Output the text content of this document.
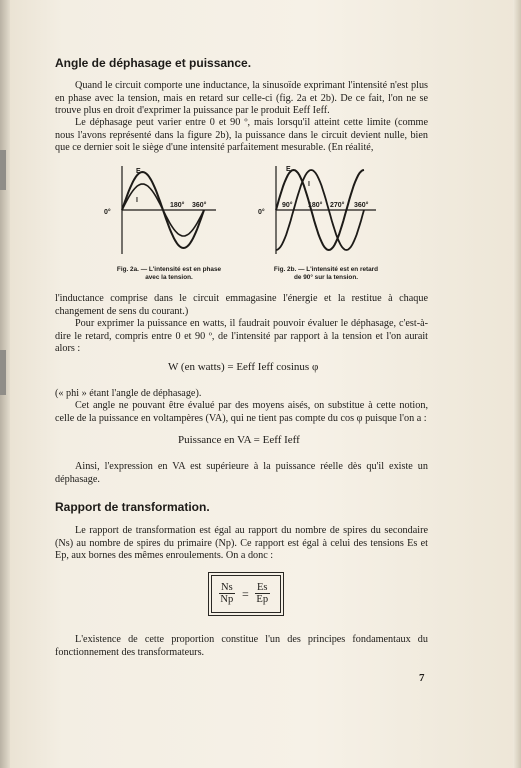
Angle de déphasage et puissance.
Quand le circuit comporte une inductance, la sinusoïde exprimant l'intensité n'est plus en phase avec la tension, mais en retard sur celle-ci (fig. 2a et 2b). De ce fait, l'on ne se trouve plus en droit d'exprimer la puissance par le produit Eeff Ieff.
Le déphasage peut varier entre 0 et 90 º, mais lorsqu'il atteint cette limite (comme nous l'avons représenté dans la figure 2b), la puissance dans le circuit devient nulle, bien que ce dernier soit le siège d'une intensité parfaitement mesurable. (En réalité,
E
I
0°
180° 360°
E
I
0°
90° 180° 270° 360°
Fig. 2a. — L'intensité est en phase
avec la tension.
Fig. 2b. — L'intensité est en retard
de 90° sur la tension.
l'inductance comprise dans le circuit emmagasine l'énergie et la restitue à chaque changement de sens du courant.)
Pour exprimer la puissance en watts, il faudrait pouvoir évaluer le déphasage, c'est-à-dire le retard, compris entre 0 et 90 º, de l'intensité par rapport à la tension et l'on aurait alors :
W (en watts) = Eeff Ieff cosinus φ
(« phi » étant l'angle de déphasage).
Cet angle ne pouvant être évalué par des moyens aisés, on substitue à cette notion, celle de la puissance en voltampères (VA), qui ne tient pas compte du cos φ puisque l'on a :
Puissance en VA = Eeff Ieff
Ainsi, l'expression en VA est supérieure à la puissance réelle dès qu'il existe un déphasage.
Rapport de transformation.
Le rapport de transformation est égal au rapport du nombre de spires du secondaire (Ns) au nombre de spires du primaire (Np). Ce rapport est égal à celui des tensions Es et Ep, aux bornes des mêmes enroulements. On a donc :
$\frac{Ns}{Np} = \frac{Es}{Ep}$
L'existence de cette proportion constitue l'un des principes fondamentaux du fonctionnement des transformateurs.
7
